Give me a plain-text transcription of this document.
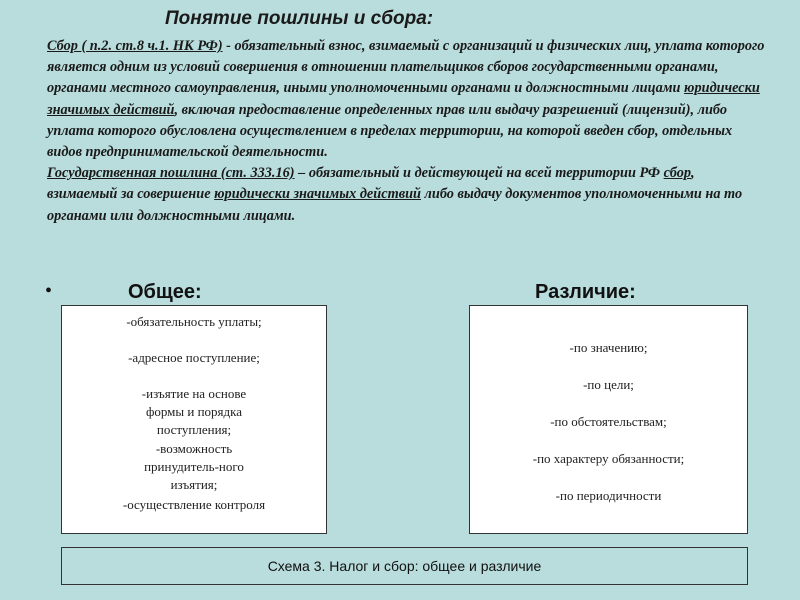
Понятие пошлины и сбора:
Сбор ( п.2. ст.8 ч.1. НК РФ) - обязательный взнос, взимаемый с организаций и физических лиц, уплата которого является одним из условий совершения в отношении плательщиков сборов государственными органами, органами местного самоуправления, иными уполномоченными органами и должностными лицами юридически значимых действий, включая предоставление определенных прав или выдачу разрешений (лицензий), либо уплата которого обусловлена осуществлением в пределах территории, на которой введен сбор, отдельных видов предпринимательской деятельности.
Государственная пошлина (ст. 333.16) – обязательный и действующей на всей территории РФ сбор, взимаемый за совершение юридически значимых действий либо выдачу документов уполномоченными на то органами или должностными лицами.
•	Общее:	Различие:
-обязательность уплаты;
-адресное поступление;
-изъятие на основе формы и порядка поступления;
-возможность принудитель-ного изъятия;
-осуществление контроля
-по значению;
-по цели;
-по обстоятельствам;
-по характеру обязанности;
-по периодичности
Схема 3. Налог и сбор: общее и различие
